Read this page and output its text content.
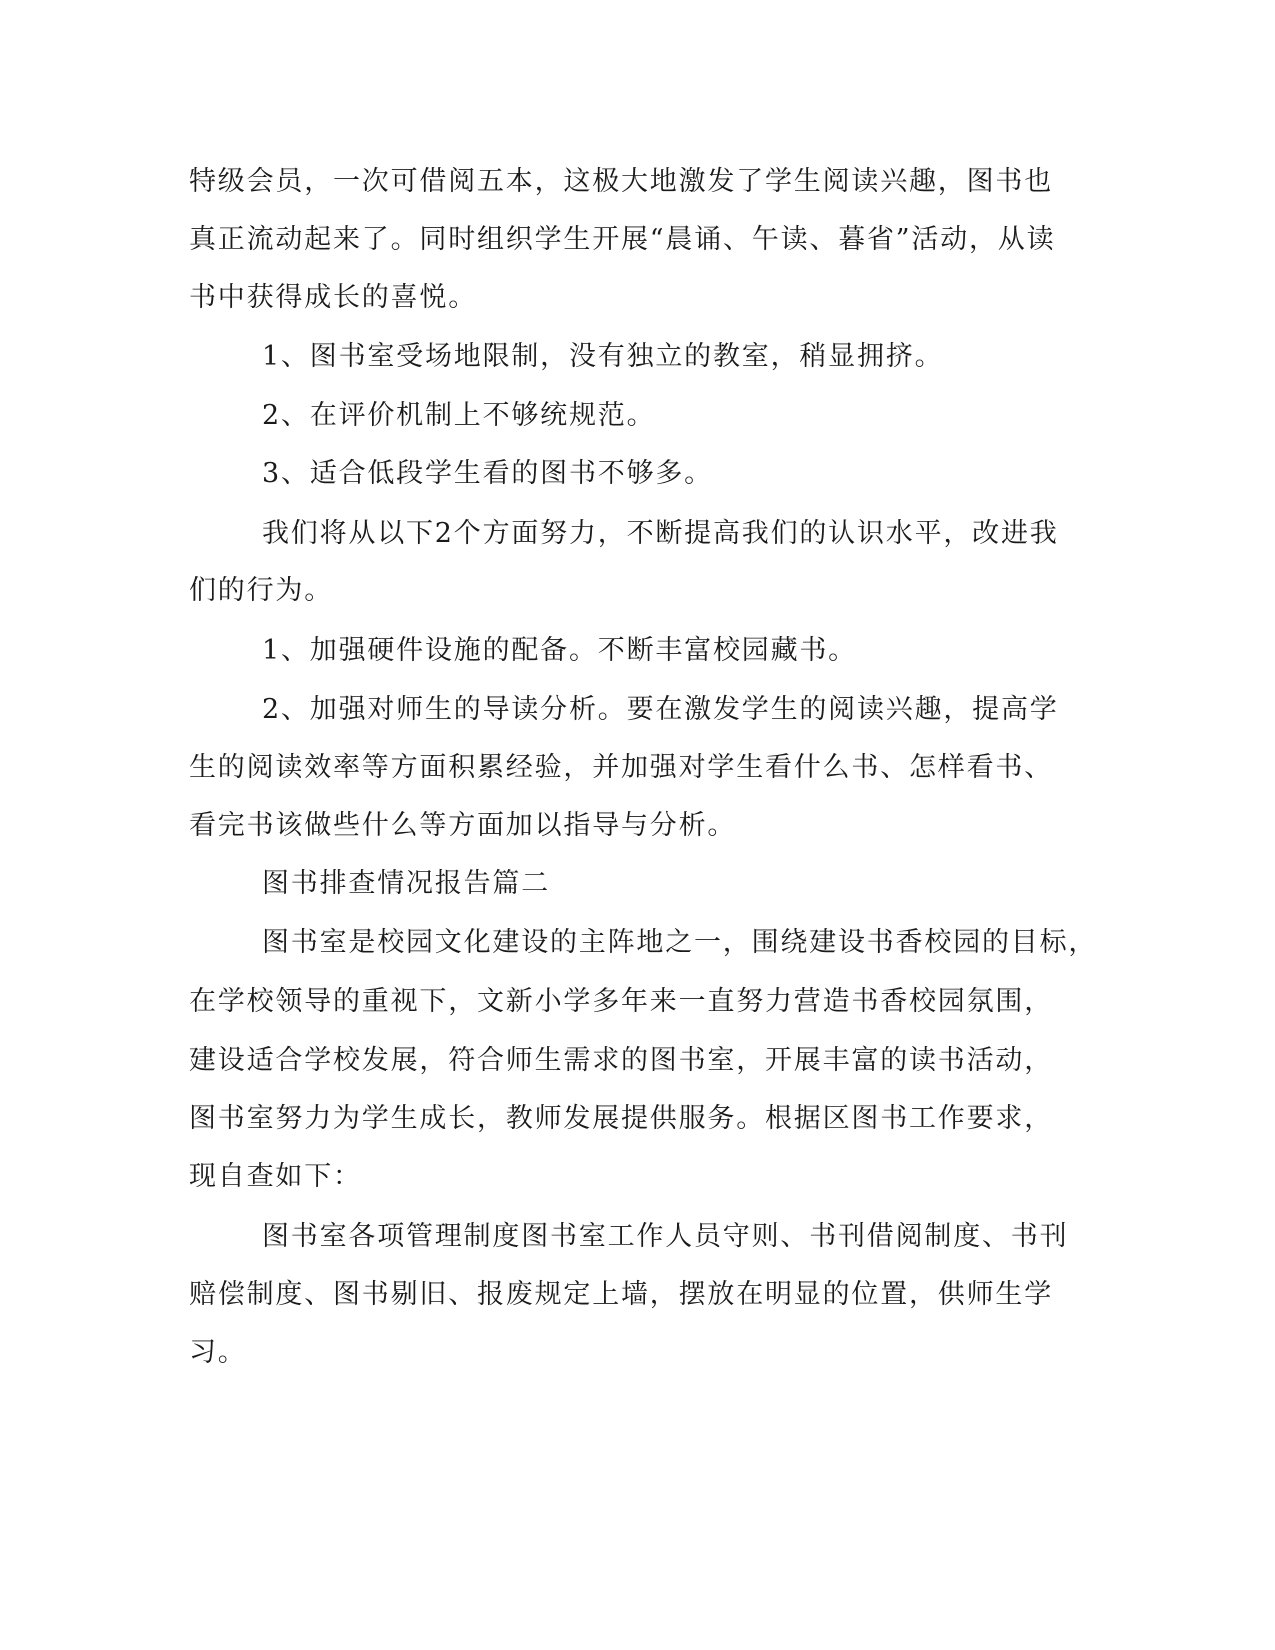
特级会员，一次可借阅五本，这极大地激发了学生阅读兴趣，图书也
真正流动起来了。同时组织学生开展“晨诵、午读、暮省”活动，从读
书中获得成长的喜悦。
1、图书室受场地限制，没有独立的教室，稍显拥挤。
2、在评价机制上不够统规范。
3、适合低段学生看的图书不够多。
我们将从以下2个方面努力，不断提高我们的认识水平，改进我
们的行为。
1、加强硬件设施的配备。不断丰富校园藏书。
2、加强对师生的导读分析。要在激发学生的阅读兴趣，提高学
生的阅读效率等方面积累经验，并加强对学生看什么书、怎样看书、
看完书该做些什么等方面加以指导与分析。
图书排查情况报告篇二
图书室是校园文化建设的主阵地之一，围绕建设书香校园的目标，
在学校领导的重视下，文新小学多年来一直努力营造书香校园氛围，
建设适合学校发展，符合师生需求的图书室，开展丰富的读书活动，
图书室努力为学生成长，教师发展提供服务。根据区图书工作要求，
现自查如下：
图书室各项管理制度图书室工作人员守则、书刊借阅制度、书刊
赔偿制度、图书剔旧、报废规定上墙，摆放在明显的位置，供师生学
习。
